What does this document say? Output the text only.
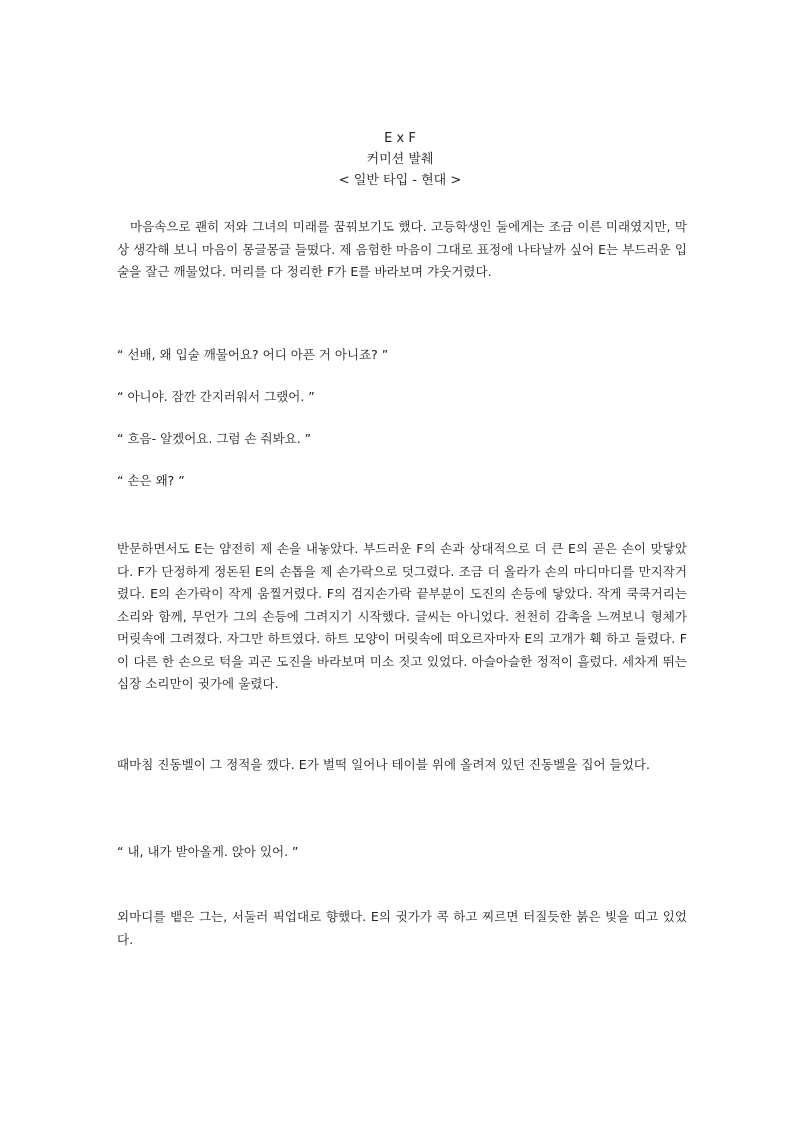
E x F
커미션 발췌
< 일반 타입 - 현대 >

마음속으로 괜히 저와 그녀의 미래를 꿈꿔보기도 했다. 고등학생인 둘에게는 조금 이른 미래였지만, 막상 생각해 보니 마음이 몽글몽글 들떴다. 제 음험한 마음이 그대로 표정에 나타날까 싶어 E는 부드러운 입술을 잘근 깨물었다. 머리를 다 정리한 F가 E를 바라보며 갸웃거렸다.

“ 선배, 왜 입술 깨물어요? 어디 아픈 거 아니죠? ”

“ 아니야. 잠깐 간지러워서 그랬어. ”

“ 흐음- 알겠어요. 그럼 손 줘봐요. ”

“ 손은 왜? ”

반문하면서도 E는 얌전히 제 손을 내놓았다. 부드러운 F의 손과 상대적으로 더 큰 E의 곧은 손이 맞닿았다. F가 단정하게 정돈된 E의 손톱을 제 손가락으로 덧그렸다. 조금 더 올라가 손의 마디마디를 만지작거렸다. E의 손가락이 작게 움찔거렸다. F의 검지손가락 끝부분이 도진의 손등에 닿았다. 작게 쿡쿡거리는 소리와 함께, 무언가 그의 손등에 그려지기 시작했다. 글씨는 아니었다. 천천히 감촉을 느껴보니 형체가 머릿속에 그려졌다. 자그만 하트였다. 하트 모양이 머릿속에 떠오르자마자 E의 고개가 훽 하고 들렸다. F이 다른 한 손으로 턱을 괴곤 도진을 바라보며 미소 짓고 있었다. 아슬아슬한 정적이 흘렀다. 세차게 뛰는 심장 소리만이 귓가에 울렸다.

때마침 진동벨이 그 정적을 깼다. E가 벌떡 일어나 테이블 위에 올려져 있던 진동벨을 집어 들었다.

“ 내, 내가 받아올게. 앉아 있어. ”

외마디를 뱉은 그는, 서둘러 픽업대로 향했다. E의 귓가가 콕 하고 찌르면 터질듯한 붉은 빛을 띠고 있었다.
